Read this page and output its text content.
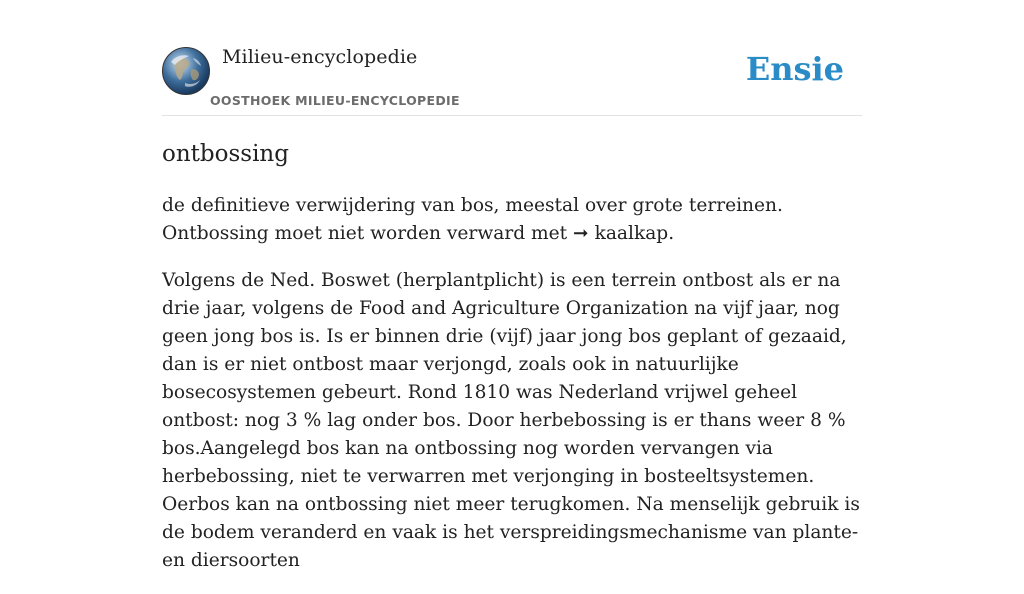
Milieu-encyclopedie
OOSTHOEK MILIEU-ENCYCLOPEDIE
Ensie
ontbossing

de definitieve verwijdering van bos, meestal over grote terreinen. Ontbossing moet niet worden verward met ➞ kaalkap.

Volgens de Ned. Boswet (herplantplicht) is een terrein ontbost als er na drie jaar, volgens de Food and Agriculture Organization na vijf jaar, nog geen jong bos is. Is er binnen drie (vijf) jaar jong bos geplant of gezaaid, dan is er niet ontbost maar verjongd, zoals ook in natuurlijke bosecosystemen gebeurt. Rond 1810 was Nederland vrijwel geheel ontbost: nog 3 % lag onder bos. Door herbebossing is er thans weer 8 % bos.Aangelegd bos kan na ontbossing nog worden vervangen via herbebossing, niet te verwarren met verjonging in bosteeltsystemen. Oerbos kan na ontbossing niet meer terugkomen. Na menselijk gebruik is de bodem veranderd en vaak is het verspreidingsmechanisme van plante- en diersoorten
